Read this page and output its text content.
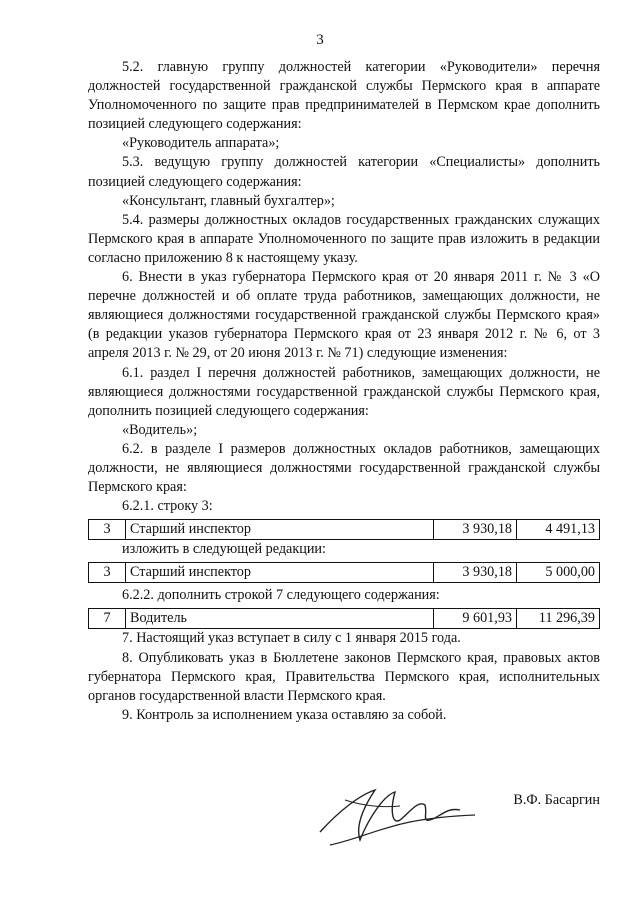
3

5.2. главную группу должностей категории «Руководители» перечня должностей государственной гражданской службы Пермского края в аппарате Уполномоченного по защите прав предпринимателей в Пермском крае дополнить позицией следующего содержания:

«Руководитель аппарата»;

5.3. ведущую группу должностей категории «Специалисты» дополнить позицией следующего содержания:

«Консультант, главный бухгалтер»;

5.4. размеры должностных окладов государственных гражданских служащих Пермского края в аппарате Уполномоченного по защите прав изложить в редакции согласно приложению 8 к настоящему указу.

6. Внести в указ губернатора Пермского края от 20 января 2011 г. № 3 «О перечне должностей и об оплате труда работников, замещающих должности, не являющиеся должностями государственной гражданской службы Пермского края» (в редакции указов губернатора Пермского края от 23 января 2012 г. № 6, от 3 апреля 2013 г. № 29, от 20 июня 2013 г. № 71) следующие изменения:

6.1. раздел I перечня должностей работников, замещающих должности, не являющиеся должностями государственной гражданской службы Пермского края, дополнить позицией следующего содержания:

«Водитель»;

6.2. в разделе I размеров должностных окладов работников, замещающих должности, не являющиеся должностями государственной гражданской службы Пермского края:

6.2.1. строку 3:

3	Старший инспектор	3 930,18	4 491,13

изложить в следующей редакции:

3	Старший инспектор	3 930,18	5 000,00

6.2.2. дополнить строкой 7 следующего содержания:

7	Водитель	9 601,93	11 296,39

7. Настоящий указ вступает в силу с 1 января 2015 года.

8. Опубликовать указ в Бюллетене законов Пермского края, правовых актов губернатора Пермского края, Правительства Пермского края, исполнительных органов государственной власти Пермского края.

9. Контроль за исполнением указа оставляю за собой.

В.Ф. Басаргин
